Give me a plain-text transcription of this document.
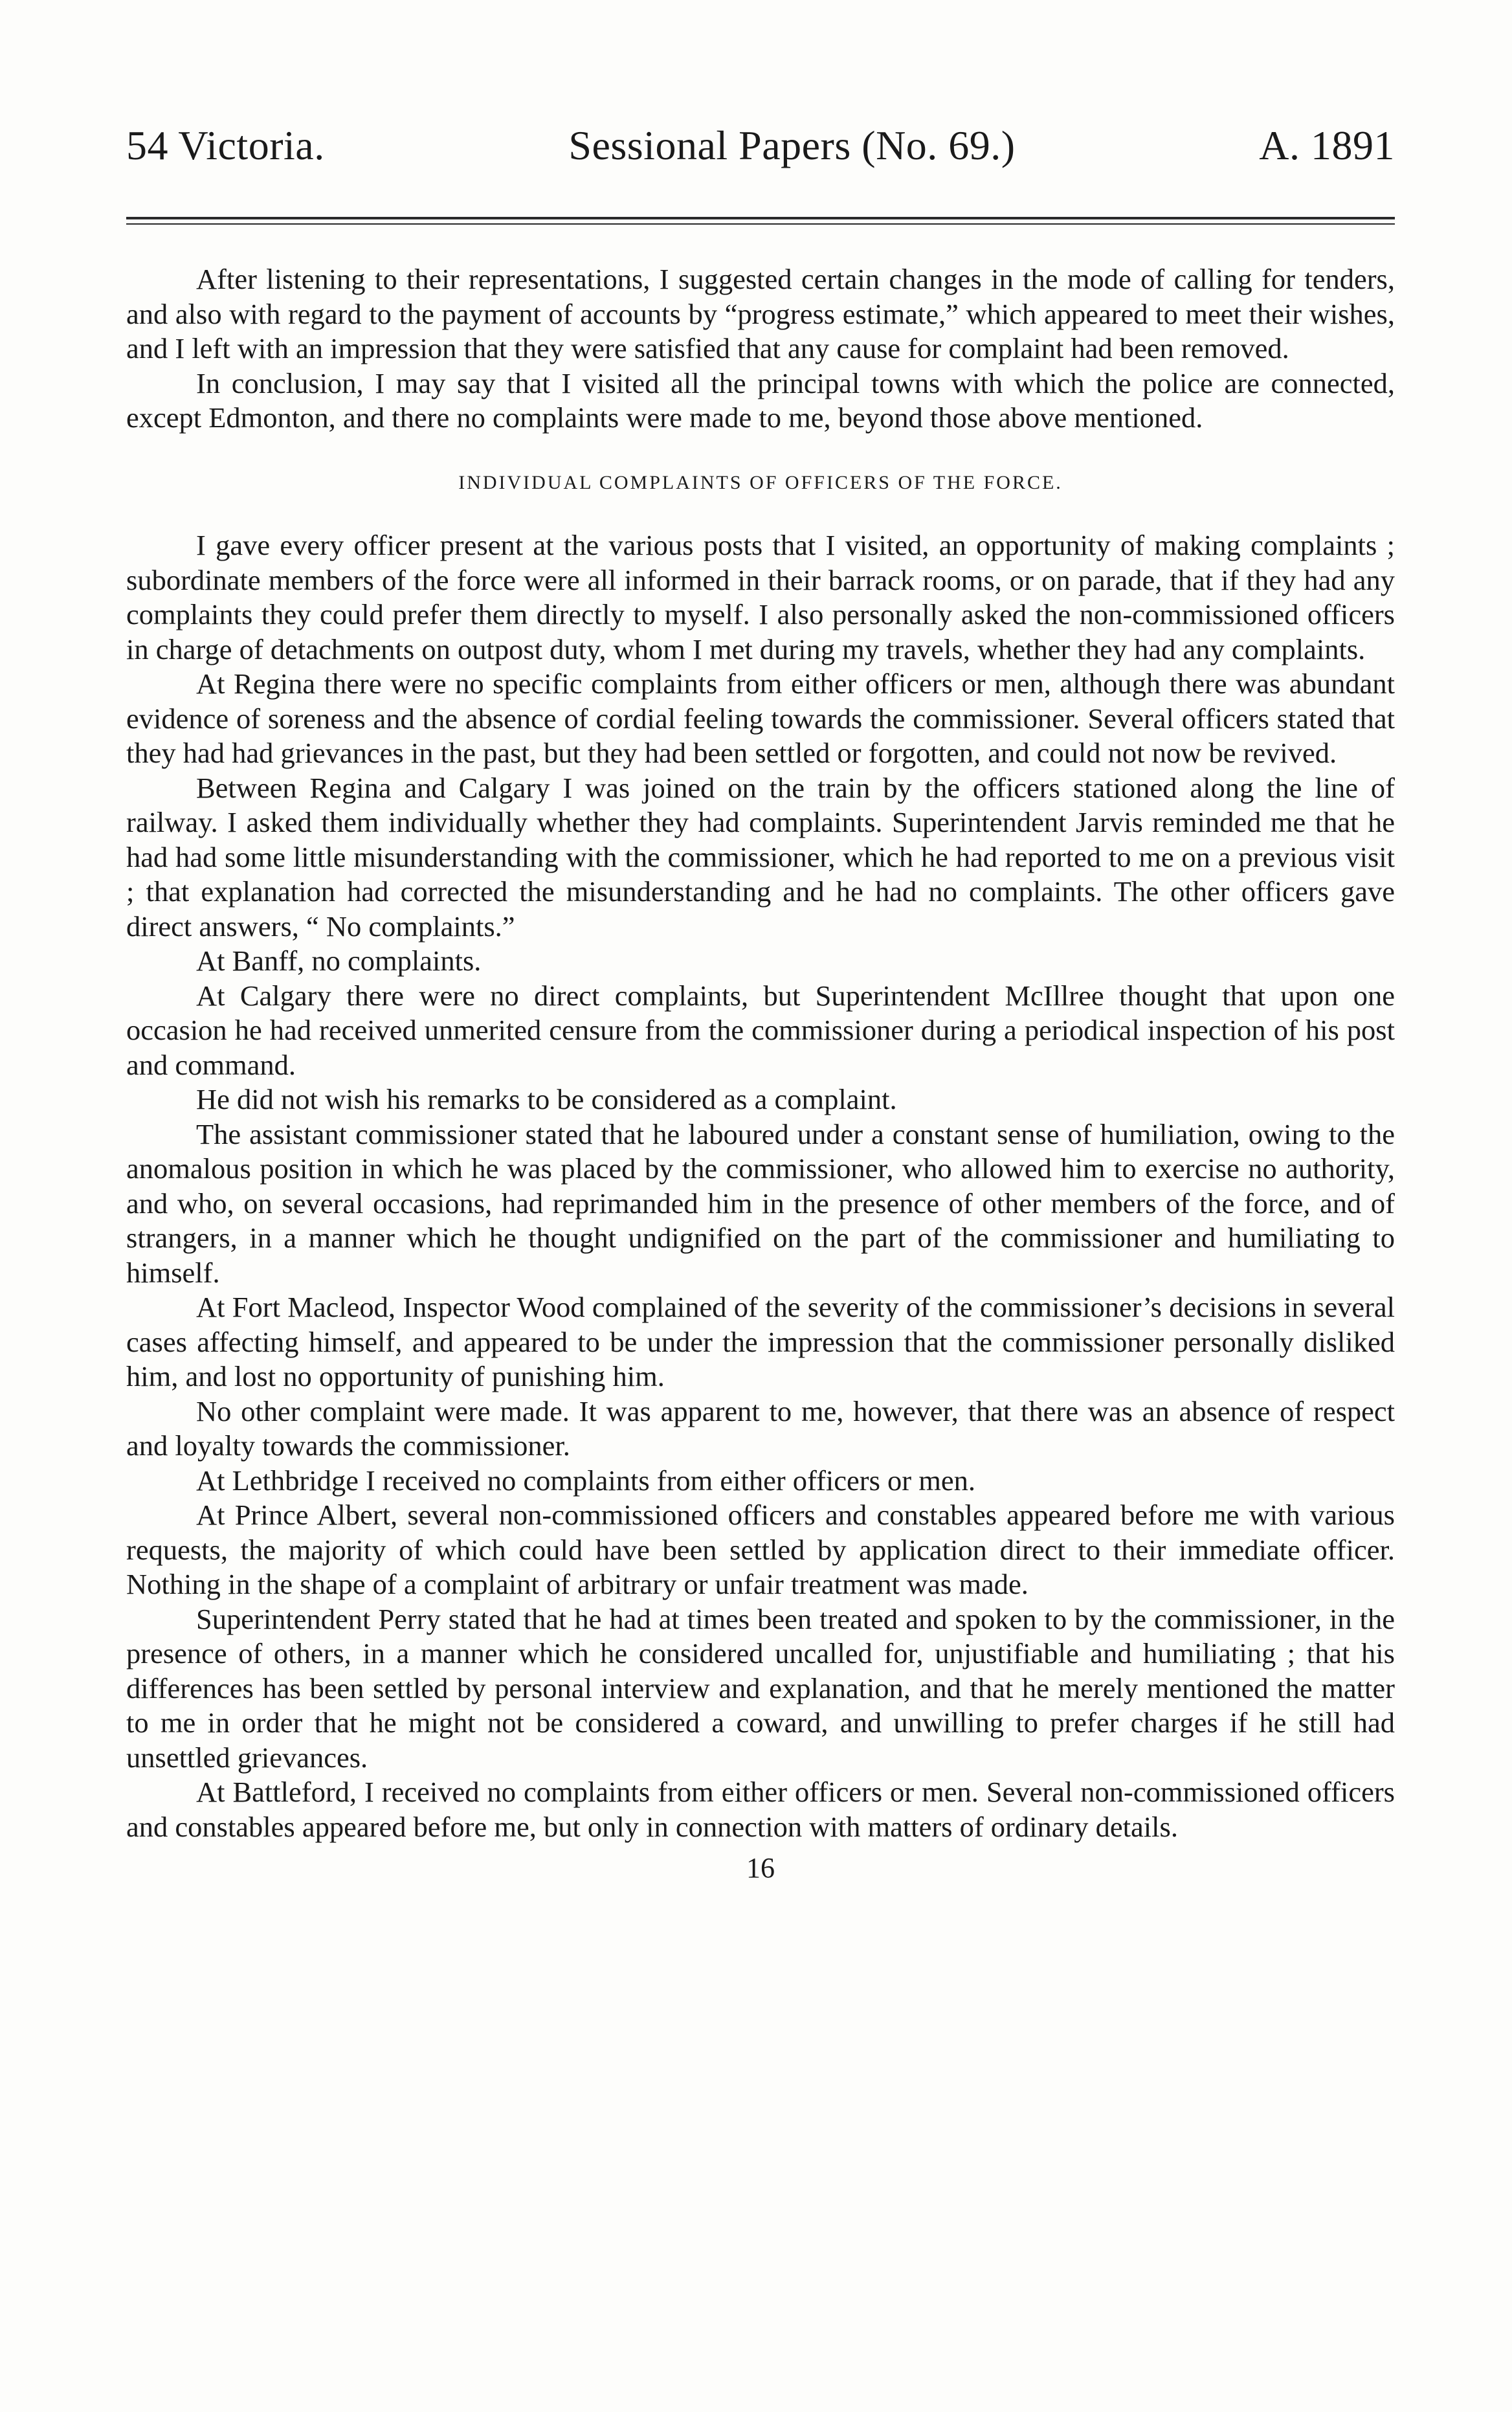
54 Victoria.	Sessional Papers (No. 69.)	A. 1891

After listening to their representations, I suggested certain changes in the mode of calling for tenders, and also with regard to the payment of accounts by “progress estimate,” which appeared to meet their wishes, and I left with an impression that they were satisfied that any cause for complaint had been removed.

In conclusion, I may say that I visited all the principal towns with which the police are connected, except Edmonton, and there no complaints were made to me, beyond those above mentioned.

INDIVIDUAL COMPLAINTS OF OFFICERS OF THE FORCE.

I gave every officer present at the various posts that I visited, an opportunity of making complaints ; subordinate members of the force were all informed in their barrack rooms, or on parade, that if they had any complaints they could prefer them directly to myself. I also personally asked the non-commissioned officers in charge of detachments on outpost duty, whom I met during my travels, whether they had any complaints.

At Regina there were no specific complaints from either officers or men, although there was abundant evidence of soreness and the absence of cordial feeling towards the commissioner. Several officers stated that they had had grievances in the past, but they had been settled or forgotten, and could not now be revived.

Between Regina and Calgary I was joined on the train by the officers stationed along the line of railway. I asked them individually whether they had complaints. Superintendent Jarvis reminded me that he had had some little misunderstanding with the commissioner, which he had reported to me on a previous visit ; that explanation had corrected the misunderstanding and he had no complaints. The other officers gave direct answers, “ No complaints.”

At Banff, no complaints.

At Calgary there were no direct complaints, but Superintendent McIllree thought that upon one occasion he had received unmerited censure from the commissioner during a periodical inspection of his post and command.

He did not wish his remarks to be considered as a complaint.

The assistant commissioner stated that he laboured under a constant sense of humiliation, owing to the anomalous position in which he was placed by the commissioner, who allowed him to exercise no authority, and who, on several occasions, had reprimanded him in the presence of other members of the force, and of strangers, in a manner which he thought undignified on the part of the commissioner and humiliating to himself.

At Fort Macleod, Inspector Wood complained of the severity of the commissioner’s decisions in several cases affecting himself, and appeared to be under the impression that the commissioner personally disliked him, and lost no opportunity of punishing him.

No other complaint were made. It was apparent to me, however, that there was an absence of respect and loyalty towards the commissioner.

At Lethbridge I received no complaints from either officers or men.

At Prince Albert, several non-commissioned officers and constables appeared before me with various requests, the majority of which could have been settled by application direct to their immediate officer. Nothing in the shape of a complaint of arbitrary or unfair treatment was made.

Superintendent Perry stated that he had at times been treated and spoken to by the commissioner, in the presence of others, in a manner which he considered uncalled for, unjustifiable and humiliating ; that his differences has been settled by personal interview and explanation, and that he merely mentioned the matter to me in order that he might not be considered a coward, and unwilling to prefer charges if he still had unsettled grievances.

At Battleford, I received no complaints from either officers or men. Several non-commissioned officers and constables appeared before me, but only in connection with matters of ordinary details.

16
